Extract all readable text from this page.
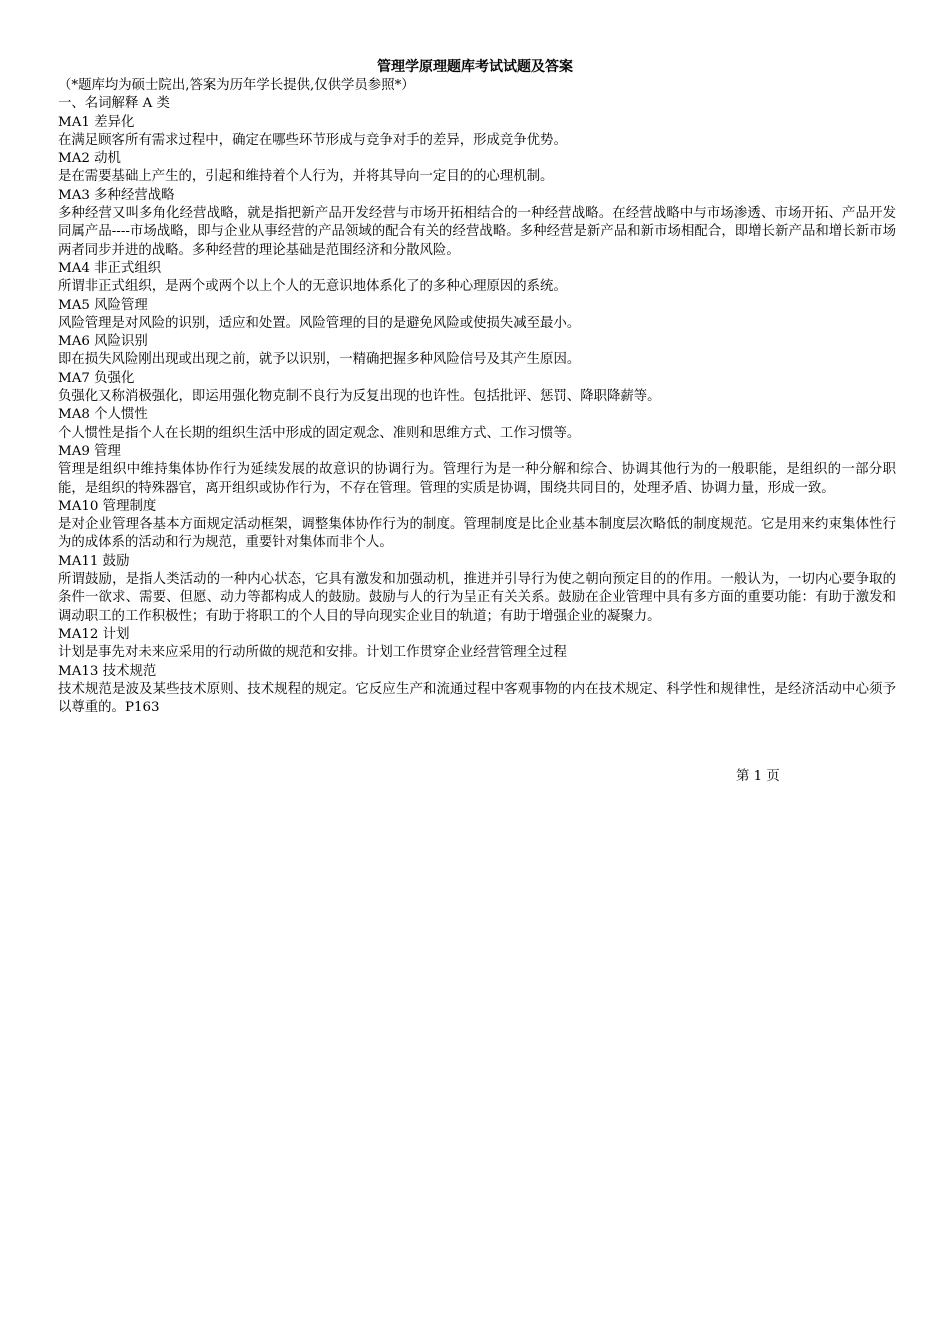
管理学原理题库考试试题及答案
（*题库均为硕士院出,答案为历年学长提供,仅供学员参照*）
一、名词解释 A 类
MA1 差异化
在满足顾客所有需求过程中，确定在哪些环节形成与竞争对手的差异，形成竞争优势。
MA2 动机
是在需要基础上产生的，引起和维持着个人行为，并将其导向一定目的的心理机制。
MA3 多种经营战略
多种经营又叫多角化经营战略，就是指把新产品开发经营与市场开拓相结合的一种经营战略。在经营战略中与市场渗透、市场开拓、产品开发同属产品----市场战略，即与企业从事经营的产品领域的配合有关的经营战略。多种经营是新产品和新市场相配合，即增长新产品和增长新市场两者同步并进的战略。多种经营的理论基础是范围经济和分散风险。
MA4 非正式组织
所谓非正式组织，是两个或两个以上个人的无意识地体系化了的多种心理原因的系统。
MA5 风险管理
风险管理是对风险的识别，适应和处置。风险管理的目的是避免风险或使损失减至最小。
MA6 风险识别
即在损失风险刚出现或出现之前，就予以识别，一精确把握多种风险信号及其产生原因。
MA7 负强化
负强化又称消极强化，即运用强化物克制不良行为反复出现的也许性。包括批评、惩罚、降职降薪等。
MA8 个人惯性
个人惯性是指个人在长期的组织生活中形成的固定观念、准则和思维方式、工作习惯等。
MA9 管理
管理是组织中维持集体协作行为延续发展的故意识的协调行为。管理行为是一种分解和综合、协调其他行为的一般职能，是组织的一部分职能，是组织的特殊器官，离开组织或协作行为，不存在管理。管理的实质是协调，围绕共同目的，处理矛盾、协调力量，形成一致。
MA10 管理制度
是对企业管理各基本方面规定活动框架，调整集体协作行为的制度。管理制度是比企业基本制度层次略低的制度规范。它是用来约束集体性行为的成体系的活动和行为规范，重要针对集体而非个人。
MA11 鼓励
所谓鼓励，是指人类活动的一种内心状态，它具有激发和加强动机，推进并引导行为使之朝向预定目的的作用。一般认为，一切内心要争取的条件一欲求、需要、但愿、动力等都构成人的鼓励。鼓励与人的行为呈正有关关系。鼓励在企业管理中具有多方面的重要功能：有助于激发和调动职工的工作积极性；有助于将职工的个人目的导向现实企业目的轨道；有助于增强企业的凝聚力。
MA12 计划
计划是事先对未来应采用的行动所做的规范和安排。计划工作贯穿企业经营管理全过程
MA13 技术规范
技术规范是波及某些技术原则、技术规程的规定。它反应生产和流通过程中客观事物的内在技术规定、科学性和规律性，是经济活动中心须予以尊重的。P163
第 1 页
